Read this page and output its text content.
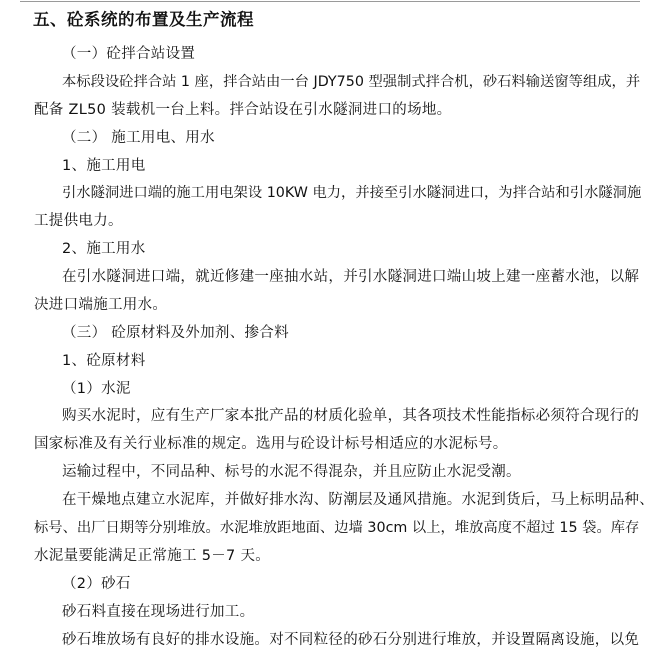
五、砼系统的布置及生产流程
（一）砼拌合站设置
本标段设砼拌合站 1 座，拌合站由一台 JDY750 型强制式拌合机，砂石料输送窗等组成，并
配备 ZL50 装载机一台上料。拌合站设在引水隧洞进口的场地。
（二） 施工用电、用水
1、施工用电
引水隧洞进口端的施工用电架设 10KW 电力，并接至引水隧洞进口，为拌合站和引水隧洞施
工提供电力。
2、施工用水
在引水隧洞进口端，就近修建一座抽水站，并引水隧洞进口端山坡上建一座蓄水池，以解
决进口端施工用水。
（三） 砼原材料及外加剂、掺合料
1、砼原材料
（1）水泥
购买水泥时，应有生产厂家本批产品的材质化验单，其各项技术性能指标必须符合现行的
国家标准及有关行业标准的规定。选用与砼设计标号相适应的水泥标号。
运输过程中，不同品种、标号的水泥不得混杂，并且应防止水泥受潮。
在干燥地点建立水泥库，并做好排水沟、防潮层及通风措施。水泥到货后，马上标明品种、
标号、出厂日期等分别堆放。水泥堆放距地面、边墙 30cm 以上，堆放高度不超过 15 袋。库存
水泥量要能满足正常施工 5－7 天。
（2）砂石
砂石料直接在现场进行加工。
砂石堆放场有良好的排水设施。对不同粒径的砂石分别进行堆放，并设置隔离设施，以免
